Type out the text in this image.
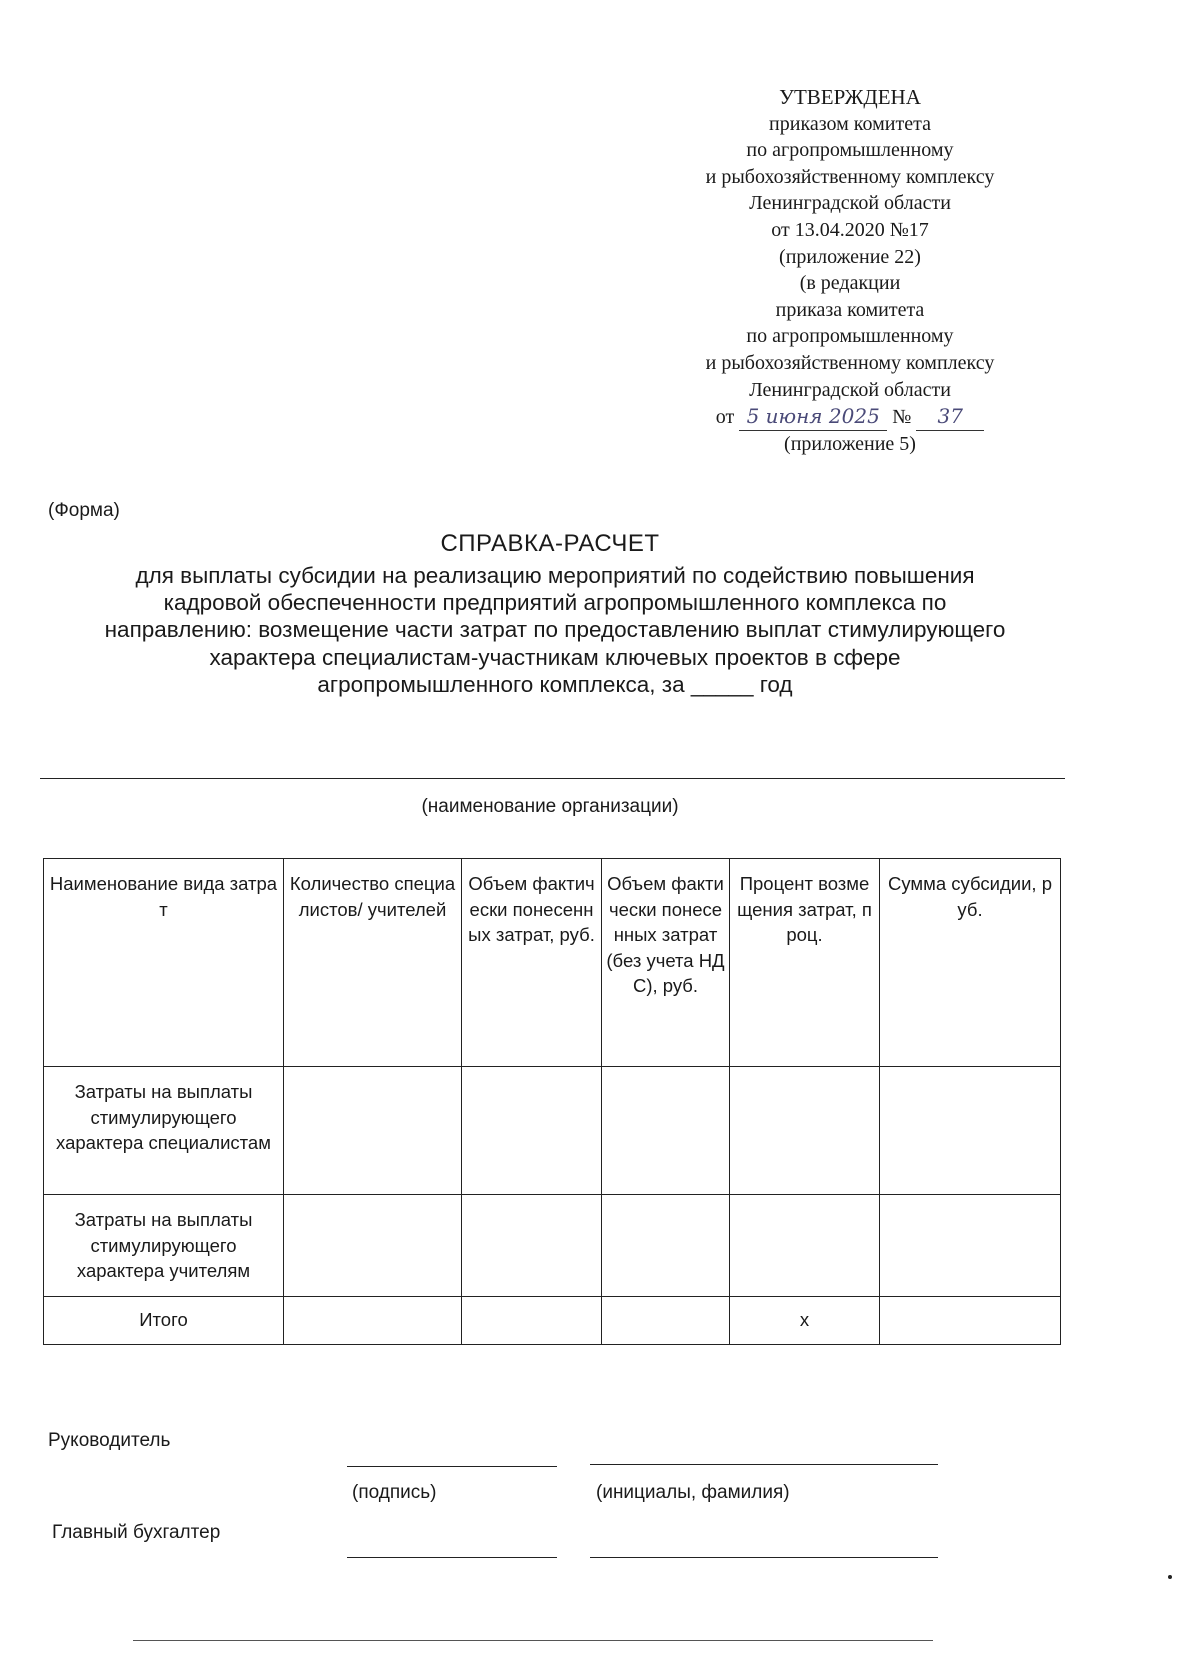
УТВЕРЖДЕНА
приказом комитета
по агропромышленному
и рыбохозяйственному комплексу
Ленинградской области
от 13.04.2020 №17
(приложение 22)
(в редакции
приказа комитета
по агропромышленному
и рыбохозяйственному комплексу
Ленинградской области
от 5 июня 2025 № 37
(приложение 5)
(Форма)
СПРАВКА-РАСЧЕТ
для выплаты субсидии на реализацию мероприятий по содействию повышения
кадровой обеспеченности предприятий агропромышленного комплекса по
направлению: возмещение части затрат по предоставлению выплат стимулирующего
характера специалистам-участникам ключевых проектов в сфере
агропромышленного комплекса, за _____ год
(наименование организации)
Наименование вида затрат	Количество специалистов/ учителей	Объем фактически понесенных затрат, руб.	Объем фактически понесенных затрат (без учета НДС), руб.	Процент возмещения затрат, проц.	Сумма субсидии, руб.
Затраты на выплаты стимулирующего характера специалистам	

Затраты на выплаты стимулирующего характера учителям					
Итого				х	
Руководитель
(подпись)	(инициалы, фамилия)
Главный бухгалтер
